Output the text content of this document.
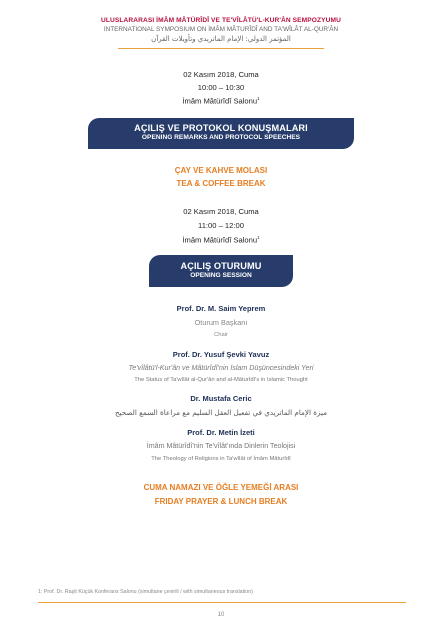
ULUSLARARASI İMÂM MÂTÜRÎDÎ VE TE'VÎLÂTÜ'L-KUR'ÂN SEMPOZYUMU
INTERNATIONAL SYMPOSIUM ON İMÂM MÂTURÎDÎ AND TA'WÎLÂT AL-QUR'ÂN
المؤتمر الدولي: الإمام الماتريدي وتأويلات القرآن
02 Kasım 2018, Cuma
10:00 – 10:30
İmâm Mâtürîdî Salonu$^1$
AÇILIŞ VE PROTOKOL KONUŞMALARI
OPENING REMARKS AND PROTOCOL SPEECHES
ÇAY VE KAHVE MOLASI
TEA & COFFEE BREAK
02 Kasım 2018, Cuma
11:00 – 12:00
İmâm Mâtürîdî Salonu$^1$
AÇILIŞ OTURUMU
OPENING SESSION
Prof. Dr. M. Saim Yeprem
Oturum Başkanı
Chair
Prof. Dr. Yusuf Şevki Yavuz
Te'vîlâtü'l-Kur'ân ve Mâtürîdî'nin İslam Düşüncesindeki Yeri
The Status of Ta'wîlât al-Qur'ân and al-Mâturîdî's in Islamic Thought
Dr. Mustafa Ceric
ميزة الإمام الماتريدي في تفعيل العقل السليم مع مراعاة السمع الصحيح
Prof. Dr. Metin İzeti
İmâm Mâtürîdî'nin Te'vîlât'ında Dinlerin Teolojisi
The Theology of Religions in Ta'wîlât of İmâm Mâturîdî
CUMA NAMAZI VE ÖĞLE YEMEĞİ ARASI
FRIDAY PRAYER & LUNCH BREAK
1: Prof. Dr. Raşit Küçük Konferans Salonu (simultane çevirili / with simultaneous translation)
10
